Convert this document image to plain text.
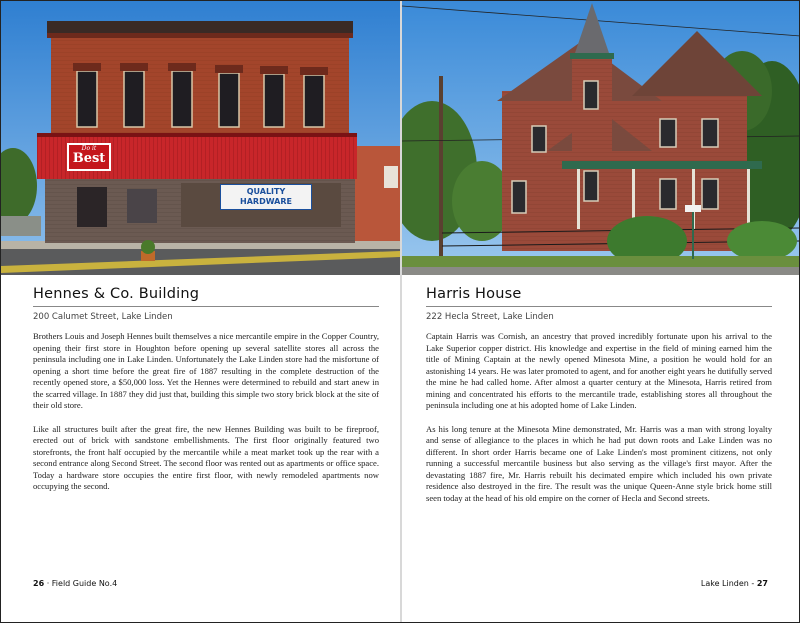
Do it
Best
QUALITY
HARDWARE
Hennes & Co. Building
200 Calumet Street, Lake Linden

Brothers Louis and Joseph Hennes built themselves a nice mercantile empire in the Copper Country, opening their first store in Houghton before opening up several satellite stores all across the peninsula including one in Lake Linden. Unfortunately the Lake Linden store had the misfortune of opening a short time before the great fire of 1887 resulting in the complete destruction of the recently opened store, a $50,000 loss. Yet the Hennes were determined to rebuild and start anew in the scarred village. In 1887 they did just that, building this simple two story brick block at the site of their old store.

Like all structures built after the great fire, the new Hennes Building was built to be fireproof, erected out of brick with sandstone embellishments. The first floor originally featured two storefronts, the front half occupied by the mercantile while a meat market took up the rear with a second entrance along Second Street. The second floor was rented out as apartments or office space. Today a hardware store occupies the entire first floor, with newly remodeled apartments now occupying the second.

26 · Field Guide No.4
Harris House
222 Hecla Street, Lake Linden

Captain Harris was Cornish, an ancestry that proved incredibly fortunate upon his arrival to the Lake Superior copper district. His knowledge and expertise in the field of mining earned him the title of Mining Captain at the newly opened Minesota Mine, a position he would hold for an astonishing 14 years. He was later promoted to agent, and for another eight years he dutifully served the mine he had called home. After almost a quarter century at the Minesota, Harris retired from mining and concentrated his efforts to the mercantile trade, establishing stores all throughout the peninsula including one at his adopted home of Lake Linden.

As his long tenure at the Minesota Mine demonstrated, Mr. Harris was a man with strong loyalty and sense of allegiance to the places in which he had put down roots and Lake Linden was no different. In short order Harris became one of Lake Linden's most prominent citizens, not only running a successful mercantile business but also serving as the village's first mayor. After the devastating 1887 fire, Mr. Harris rebuilt his decimated empire which included his own private residence also destroyed in the fire. The result was the unique Queen-Anne style brick home still seen today at the head of his old empire on the corner of Hecla and Second streets.

Lake Linden - 27
